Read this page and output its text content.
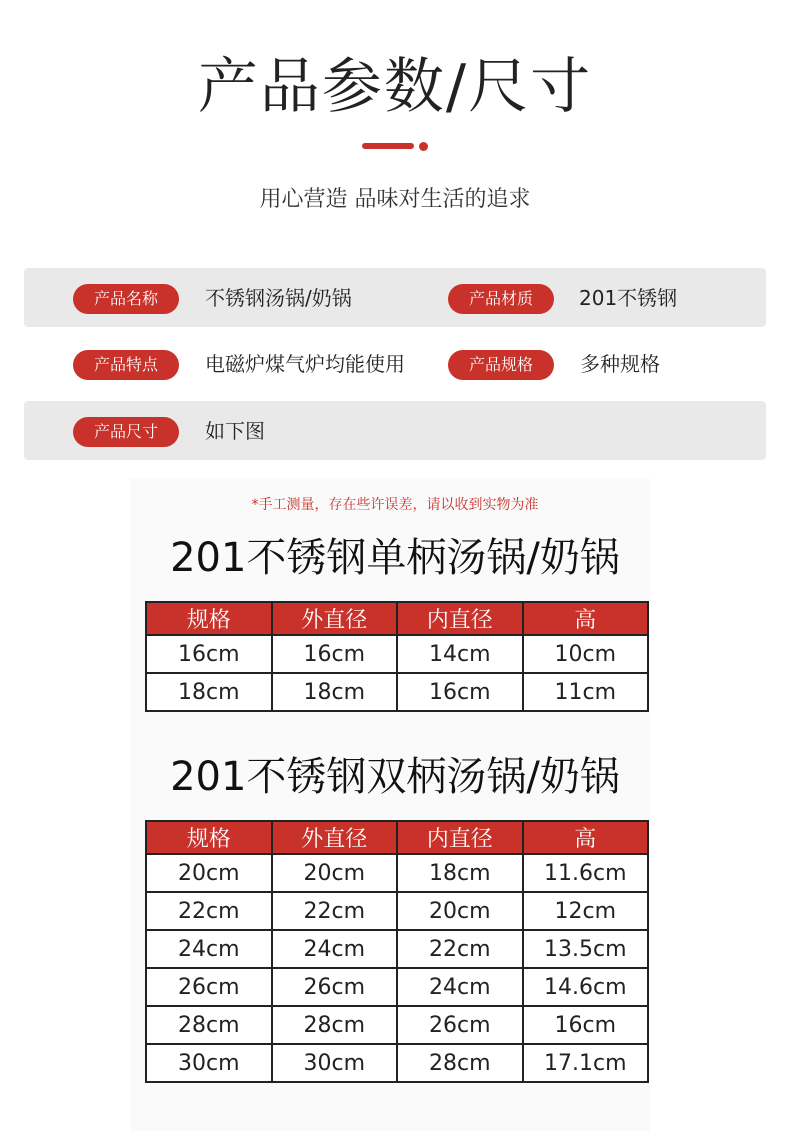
产品参数/尺寸
用心营造 品味对生活的追求
产品名称	不锈钢汤锅/奶锅	产品材质	201不锈钢
产品特点	电磁炉煤气炉均能使用	产品规格	多种规格
产品尺寸	如下图
*手工测量，存在些许误差，请以收到实物为准
201不锈钢单柄汤锅/奶锅
规格	外直径	内直径	高
16cm	16cm	14cm	10cm
18cm	18cm	16cm	11cm
201不锈钢双柄汤锅/奶锅
规格	外直径	内直径	高
20cm	20cm	18cm	11.6cm
22cm	22cm	20cm	12cm
24cm	24cm	22cm	13.5cm
26cm	26cm	24cm	14.6cm
28cm	28cm	26cm	16cm
30cm	30cm	28cm	17.1cm
